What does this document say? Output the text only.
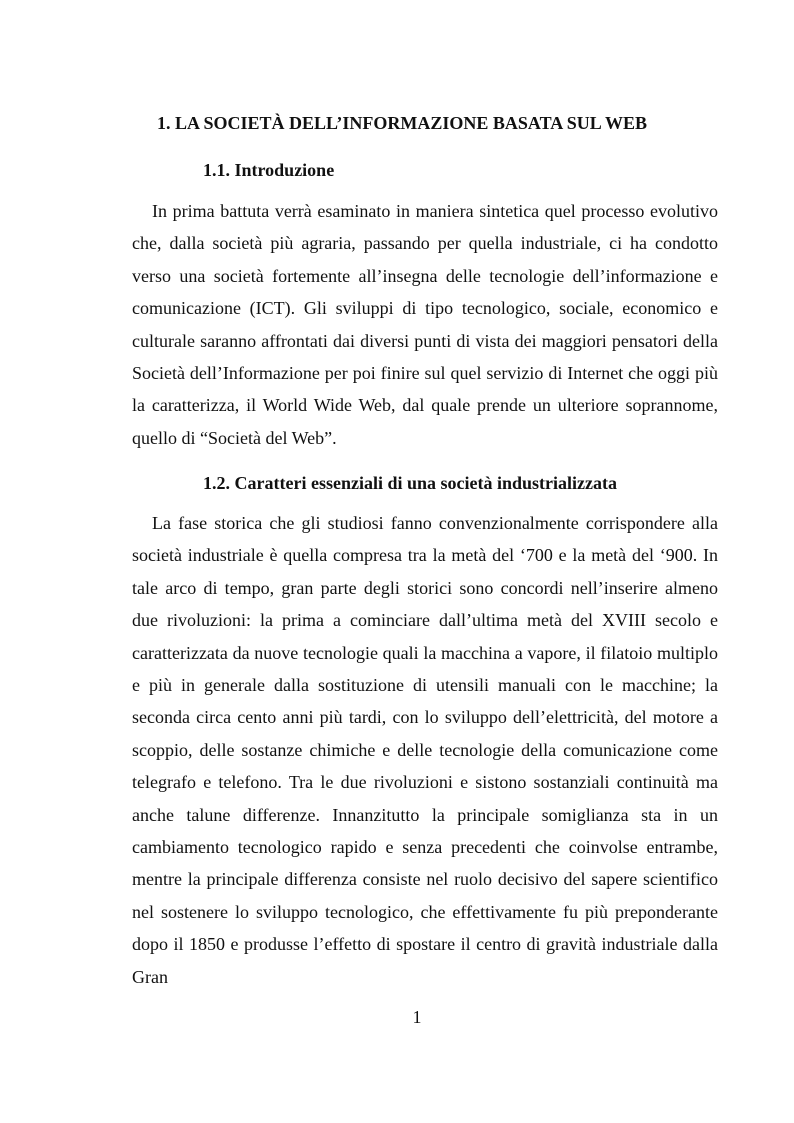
1. LA SOCIETÀ DELL’INFORMAZIONE BASATA SUL WEB
1.1. Introduzione

In prima battuta verrà esaminato in maniera sintetica quel processo evolutivo che, dalla società più agraria, passando per quella industriale, ci ha condotto verso una società fortemente all’insegna delle tecnologie dell’informazione e comunicazione (ICT). Gli sviluppi di tipo tecnologico, sociale, economico e culturale saranno affrontati dai diversi punti di vista dei maggiori pensatori della Società dell’Informazione per poi finire sul quel servizio di Internet che oggi più la caratterizza, il World Wide Web, dal quale prende un ulteriore soprannome, quello di “Società del Web”.

1.2. Caratteri essenziali di una società industrializzata

La fase storica che gli studiosi fanno convenzionalmente corrispondere alla società industriale è quella compresa tra la metà del ‘700 e la metà del ‘900. In tale arco di tempo, gran parte degli storici sono concordi nell’inserire almeno due rivoluzioni: la prima a cominciare dall’ultima metà del XVIII secolo e caratterizzata da nuove tecnologie quali la macchina a vapore, il filatoio multiplo e più in generale dalla sostituzione di utensili manuali con le macchine; la seconda circa cento anni più tardi, con lo sviluppo dell’elettricità, del motore a scoppio, delle sostanze chimiche e delle tecnologie della comunicazione come telegrafo e telefono. Tra le due rivoluzioni e sistono sostanziali continuità ma anche talune differenze. Innanzitutto la principale somiglianza sta in un cambiamento tecnologico rapido e senza precedenti che coinvolse entrambe, mentre la principale differenza consiste nel ruolo decisivo del sapere scientifico nel sostenere lo sviluppo tecnologico, che effettivamente fu più preponderante dopo il 1850 e produsse l’effetto di spostare il centro di gravità industriale dalla Gran

1
